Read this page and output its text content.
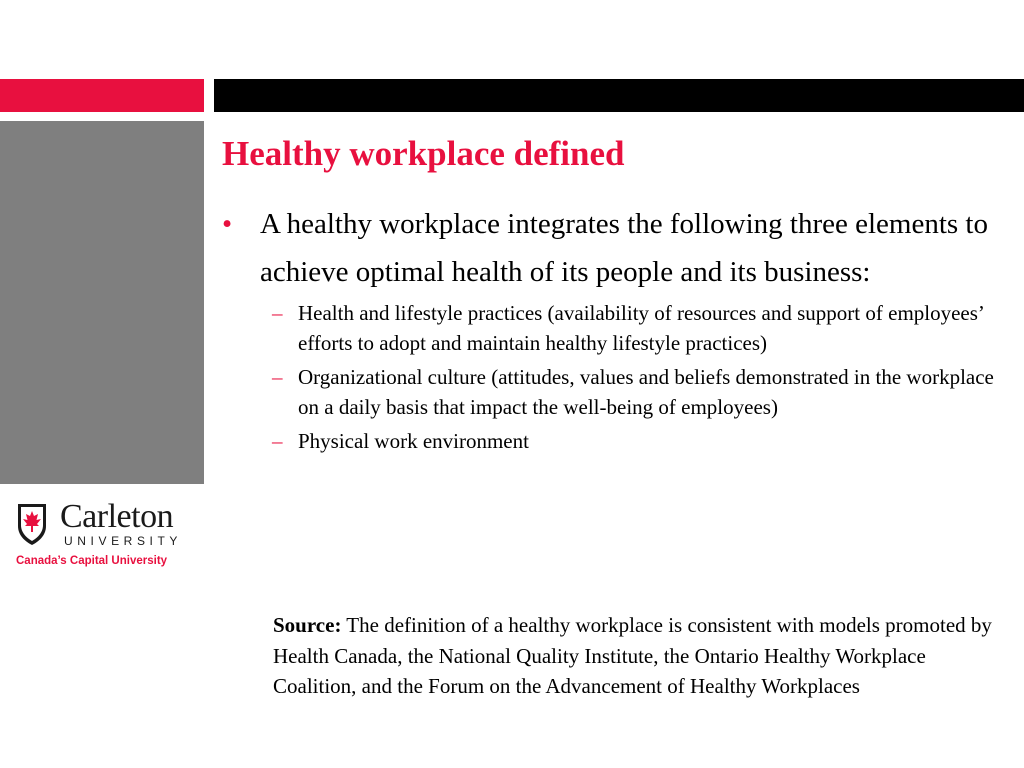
Carleton
UNIVERSITY
Canada’s Capital University
Healthy workplace defined
• A healthy workplace integrates the following three elements to achieve optimal health of its people and its business:
– Health and lifestyle practices (availability of resources and support of employees’ efforts to adopt and maintain healthy lifestyle practices)
– Organizational culture (attitudes, values and beliefs demonstrated in the workplace on a daily basis that impact the well-being of employees)
– Physical work environment

Source: The definition of a healthy workplace is consistent with models promoted by Health Canada, the National Quality Institute, the Ontario Healthy Workplace Coalition, and the Forum on the Advancement of Healthy Workplaces
